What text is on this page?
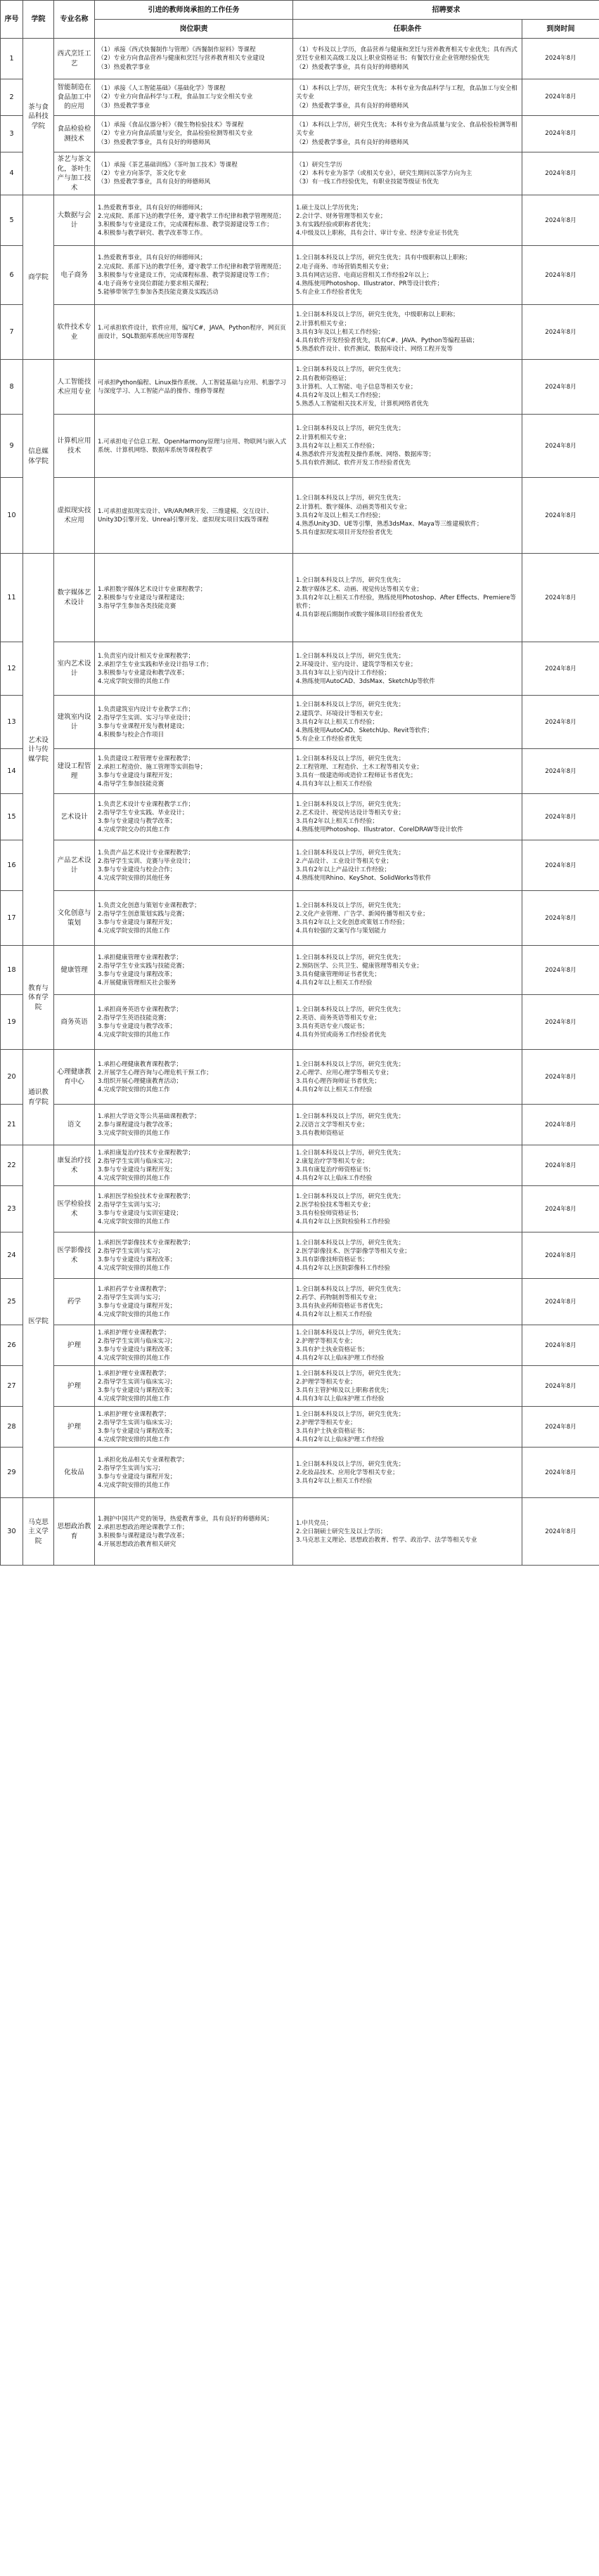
序号	学院	专业名称	引进的教师岗承担的工作任务	招聘要求	
			岗位职责	任职条件	到岗时间
1	茶与食品科技学院	西式烹饪工艺	（1）承接《西式快餐制作与管理》《西餐制作原料》等课程
（2）专业方向食品营养与健康和烹饪与营养教育相关专业建设
（3）热爱教学事业	（1）专科及以上学历，食品营养与健康和烹饪与营养教育相关专业优先；具有西式烹饪专业相关高级工及以上职业资格证书；有餐饮行业企业管理经验优先
（2）热爱教学事业，具有良好的师德师风	2024年8月
2		智能制造在食品加工中的应用	（1）承接《人工智能基础》《基础化学》等课程
（2）专业方向食品科学与工程，食品加工与安全相关专业
（3）热爱教学事业	（1）本科以上学历，研究生优先；本科专业为食品科学与工程，食品加工与安全相关专业
（2）热爱教学事业，具有良好的师德师风	2024年8月
3		食品检验检测技术	（1）承接《食品仪器分析》《微生物检验技术》等课程
（2）专业方向食品质量与安全，食品检验检测等相关专业
（3）热爱教学事业，具有良好的师德师风	（1）本科以上学历，研究生优先；本科专业为食品质量与安全、食品检验检测等相关专业
（2）热爱教学事业，具有良好的师德师风	2024年8月
4		茶艺与茶文化，茶叶生产与加工技术	（1）承接《茶艺基础训练》《茶叶加工技术》等课程
（2）专业方向茶学，茶文化专业
（3）热爱教学事业，具有良好的师德师风	（1）研究生学历
（2）本科专业为茶学（或相关专业），研究生期间以茶学方向为主
（3）有一线工作经验优先，有职业技能等级证书优先	2024年8月
5	商学院	大数据与会计	1.热爱教育事业，具有良好的师德师风；
2.完成院、系部下达的教学任务，遵守教学工作纪律和教学管理规范；
3.积极参与专业建设工作，完成课程标准、教学资源建设等工作；
4.积极参与教学研究、教学改革等工作。	1.硕士及以上学历优先；
2.会计学、财务管理等相关专业；
3.有实践经验或职称者优先；
4.中级及以上职称，具有会计、审计专业、经济专业证书优先	2024年8月
6		电子商务	1.热爱教育事业，具有良好的师德师风；
2.完成院、系部下达的教学任务，遵守教学工作纪律和教学管理规范；
3.积极参与专业建设工作，完成课程标准、教学资源建设等工作；
4.电子商务专业岗位群能力要求相关课程；
5.能够带领学生参加各类技能竞赛及实践活动	1.全日制本科及以上学历，研究生优先；具有中级职称以上职称；
2.电子商务、市场营销类相关专业；
3.具有网店运营、电商运营相关工作经验2年以上；
4.熟练使用Photoshop、Illustrator、PR等设计软件；
5.有企业工作经验者优先	2024年8月
7		软件技术专业	1.可承担软件设计，软件应用，编写C#，JAVA，Python程序，网页页面设计，SQL数据库系统应用等课程	1.全日制本科及以上学历，研究生优先，中级职称以上职称；
2.计算机相关专业；
3.具有3年及以上相关工作经验；
4.具有软件开发经验者优先，具有C#、JAVA、Python等编程基础；
5.熟悉软件设计、软件测试、数据库设计、网络工程开发等	2024年8月
8	信息媒体学院	人工智能技术应用专业	可承担Python编程、Linux操作系统、人工智能基础与应用、机器学习与深度学习、人工智能产品的操作、维修等课程	1.全日制本科及以上学历，研究生优先；
2.具有教师资格证；
3.计算机、人工智能、电子信息等相关专业；
4.具有2年及以上相关工作经验；
5.熟悉人工智能相关技术开发，计算机网络者优先	2024年8月
9		计算机应用技术	1.可承担电子信息工程、OpenHarmony原理与应用、物联网与嵌入式系统、计算机网络、数据库系统等课程教学	1.全日制本科及以上学历，研究生优先；
2.计算机相关专业；
3.具有2年以上相关工作经验；
4.熟悉软件开发流程及操作系统、网络、数据库等；
5.具有软件测试、软件开发工作经验者优先	2024年8月
10		虚拟现实技术应用	1.可承担虚拟现实设计、VR/AR/MR开发、三维建模、交互设计、Unity3D引擎开发、Unreal引擎开发、虚拟现实项目实践等课程	1.全日制本科及以上学历，研究生优先；
2.计算机、数字媒体、动画类等相关专业；
3.具有2年及以上相关工作经验；
4.熟悉Unity3D、UE等引擎，熟悉3dsMax、Maya等三维建模软件；
5.具有虚拟现实项目开发经验者优先	2024年8月
11	艺术设计与传媒学院	数字媒体艺术设计	1.承担数字媒体艺术设计专业课程教学；
2.积极参与专业建设与课程建设；
3.指导学生参加各类技能竞赛	1.全日制本科及以上学历，研究生优先；
2.数字媒体艺术、动画、视觉传达等相关专业；
3.具有2年以上相关工作经验，熟练使用Photoshop、After Effects、Premiere等软件；
4.具有影视后期制作或数字媒体项目经验者优先	2024年8月
12		室内艺术设计	1.负责室内设计相关专业课程教学；
2.承担学生专业实践和毕业设计指导工作；
3.积极参与专业建设和教学改革；
4.完成学院安排的其他工作	1.全日制本科及以上学历，研究生优先；
2.环境设计、室内设计、建筑学等相关专业；
3.具有3年以上室内设计工作经验；
4.熟练使用AutoCAD、3dsMax、SketchUp等软件	2024年8月
13		建筑室内设计	1.负责建筑室内设计专业教学工作；
2.指导学生实训、实习与毕业设计；
3.参与专业课程开发与教材建设；
4.积极参与校企合作项目	1.全日制本科及以上学历，研究生优先；
2.建筑学、环境设计等相关专业；
3.具有2年以上相关工作经验；
4.熟练使用AutoCAD、SketchUp、Revit等软件；
5.有企业工作经验者优先	2024年8月
14		建设工程管理	1.负责建设工程管理专业课程教学；
2.承担工程造价、施工管理等实训指导；
3.参与专业建设与课程开发；
4.指导学生参加技能竞赛	1.全日制本科及以上学历，研究生优先；
2.工程管理、工程造价、土木工程等相关专业；
3.具有一级建造师或造价工程师证书者优先；
4.具有3年以上相关工作经验	2024年8月
15		艺术设计	1.负责艺术设计专业课程教学工作；
2.指导学生专业实践、毕业设计；
3.参与专业建设与教学改革；
4.完成学院交办的其他工作	1.全日制本科及以上学历，研究生优先；
2.艺术设计、视觉传达设计等相关专业；
3.具有2年以上相关工作经验；
4.熟练使用Photoshop、Illustrator、CorelDRAW等设计软件	2024年8月
16		产品艺术设计	1.负责产品艺术设计专业课程教学；
2.指导学生实训、竞赛与毕业设计；
3.参与专业建设与校企合作；
4.完成学院安排的其他任务	1.全日制本科及以上学历，研究生优先；
2.产品设计、工业设计等相关专业；
3.具有2年以上产品设计工作经验；
4.熟练使用Rhino、KeyShot、SolidWorks等软件	2024年8月
17		文化创意与策划	1.负责文化创意与策划专业课程教学；
2.指导学生创意策划实践与竞赛；
3.参与专业建设与课程开发；
4.完成学院安排的其他工作	1.全日制本科及以上学历，研究生优先；
2.文化产业管理、广告学、新闻传播等相关专业；
3.具有2年以上文化创意或策划工作经验；
4.具有较强的文案写作与策划能力	2024年8月
18	教育与体育学院	健康管理	1.承担健康管理专业课程教学；
2.指导学生专业实践与技能竞赛；
3.参与专业建设与课程改革；
4.开展健康管理相关社会服务	1.全日制本科及以上学历，研究生优先；
2.预防医学、公共卫生、健康管理等相关专业；
3.具有健康管理师证书者优先；
4.具有2年以上相关工作经验	2024年8月
19		商务英语	1.承担商务英语专业课程教学；
2.指导学生英语技能竞赛；
3.参与专业建设与教学改革；
4.完成学院安排的其他工作	1.全日制本科及以上学历，研究生优先；
2.英语、商务英语等相关专业；
3.具有英语专业八级证书；
4.具有外贸或商务工作经验者优先	2024年8月
20	通识教育学院	心理健康教育中心	1.承担心理健康教育课程教学；
2.开展学生心理咨询与心理危机干预工作；
3.组织开展心理健康教育活动；
4.完成学院安排的其他工作	1.全日制本科及以上学历，研究生优先；
2.心理学、应用心理学等相关专业；
3.具有心理咨询师证书者优先；
4.具有2年以上相关工作经验	2024年8月
21		语文	1.承担大学语文等公共基础课程教学；
2.参与课程建设与教学改革；
3.完成学院安排的其他工作	1.全日制本科及以上学历，研究生优先；
2.汉语言文学等相关专业；
3.具有教师资格证	2024年8月
22	医学院	康复治疗技术	1.承担康复治疗技术专业课程教学；
2.指导学生实训与临床实习；
3.参与专业建设与课程开发；
4.完成学院安排的其他工作	1.全日制本科及以上学历，研究生优先；
2.康复治疗学等相关专业；
3.具有康复治疗师资格证书；
4.具有2年以上临床工作经验	2024年8月
23		医学检验技术	1.承担医学检验技术专业课程教学；
2.指导学生实训与实习；
3.参与专业建设与实训室建设；
4.完成学院安排的其他工作	1.全日制本科及以上学历，研究生优先；
2.医学检验技术等相关专业；
3.具有检验师资格证书；
4.具有2年以上医院检验科工作经验	2024年8月
24		医学影像技术	1.承担医学影像技术专业课程教学；
2.指导学生实训与实习；
3.参与专业建设与课程改革；
4.完成学院安排的其他工作	1.全日制本科及以上学历，研究生优先；
2.医学影像技术、医学影像学等相关专业；
3.具有影像技师资格证书；
4.具有2年以上医院影像科工作经验	2024年8月
25		药学	1.承担药学专业课程教学；
2.指导学生实训与实习；
3.参与专业建设与课程开发；
4.完成学院安排的其他工作	1.全日制本科及以上学历，研究生优先；
2.药学、药物制剂等相关专业；
3.具有执业药师资格证书者优先；
4.具有2年以上相关工作经验	2024年8月
26		护理	1.承担护理专业课程教学；
2.指导学生实训与临床实习；
3.参与专业建设与课程改革；
4.完成学院安排的其他工作	1.全日制本科及以上学历，研究生优先；
2.护理学等相关专业；
3.具有护士执业资格证书；
4.具有2年以上临床护理工作经验	2024年8月
27		护理	1.承担护理专业课程教学；
2.指导学生实训与临床实习；
3.参与专业建设与课程改革；
4.完成学院安排的其他工作	1.全日制本科及以上学历，研究生优先；
2.护理学等相关专业；
3.具有主管护师及以上职称者优先；
4.具有3年以上临床护理工作经验	2024年8月
28		护理	1.承担护理专业课程教学；
2.指导学生实训与临床实习；
3.参与专业建设与课程改革；
4.完成学院安排的其他工作	1.全日制本科及以上学历，研究生优先；
2.护理学等相关专业；
3.具有护士执业资格证书；
4.具有2年以上临床护理工作经验	2024年8月
29		化妆品	1.承担化妆品相关专业课程教学；
2.指导学生实训与实习；
3.参与专业建设与课程开发；
4.完成学院安排的其他工作	1.全日制本科及以上学历，研究生优先；
2.化妆品技术、应用化学等相关专业；
3.具有2年以上相关工作经验	2024年8月
30	马克思主义学院	思想政治教育	1.拥护中国共产党的领导，热爱教育事业，具有良好的师德师风；
2.承担思想政治理论课教学工作；
3.积极参与课程建设与教学改革；
4.开展思想政治教育相关研究	1.中共党员；
2.全日制硕士研究生及以上学历；
3.马克思主义理论、思想政治教育、哲学、政治学、法学等相关专业	2024年8月
